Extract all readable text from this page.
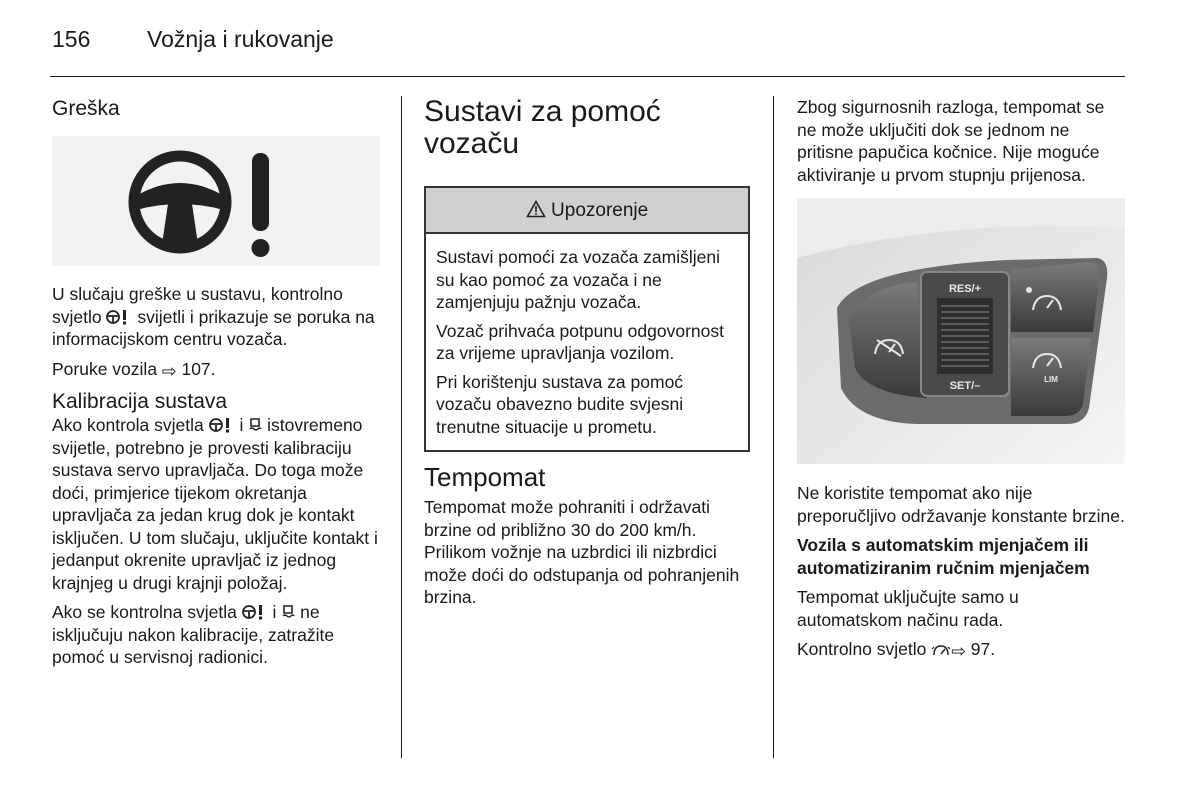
156 Vožnja i rukovanje
Greška

U slučaju greške u sustavu, kontrolno svjetlo  svijetli i prikazuje se poruka na informacijskom centru vozača.

Poruke vozila ⇨ 107.

Kalibracija sustava

Ako kontrola svjetla  i  istovremeno svijetle, potrebno je provesti kalibraciju sustava servo upravljača. Do toga može doći, primjerice tijekom okretanja upravljača za jedan krug dok je kontakt isključen. U tom slučaju, uključite kontakt i jedanput okrenite upravljač iz jednog krajnjeg u drugi krajnji položaj.

Ako se kontrolna svjetla  i  ne isključuju nakon kalibracije, zatražite pomoć u servisnoj radionici.

Sustavi za pomoć vozaču
Upozorenje

Sustavi pomoći za vozača zamišljeni su kao pomoć za vozača i ne zamjenjuju pažnju vozača.

Vozač prihvaća potpunu odgovornost za vrijeme upravljanja vozilom.

Pri korištenju sustava za pomoć vozaču obavezno budite svjesni trenutne situacije u prometu.

Tempomat

Tempomat može pohraniti i održavati brzine od približno 30 do 200 km/h. Prilikom vožnje na uzbrdici ili nizbrdici može doći do odstupanja od pohranjenih brzina.

Zbog sigurnosnih razloga, tempomat se ne može uključiti dok se jednom ne pritisne papučica kočnice. Nije moguće aktiviranje u prvom stupnju prijenosa.

RES/+
SET/–
LIM

Ne koristite tempomat ako nije preporučljivo održavanje konstante brzine.

Vozila s automatskim mjenjačem ili automatiziranim ručnim mjenjačem

Tempomat uključujte samo u automatskom načinu rada.

Kontrolno svjetlo ⇨ 97.
